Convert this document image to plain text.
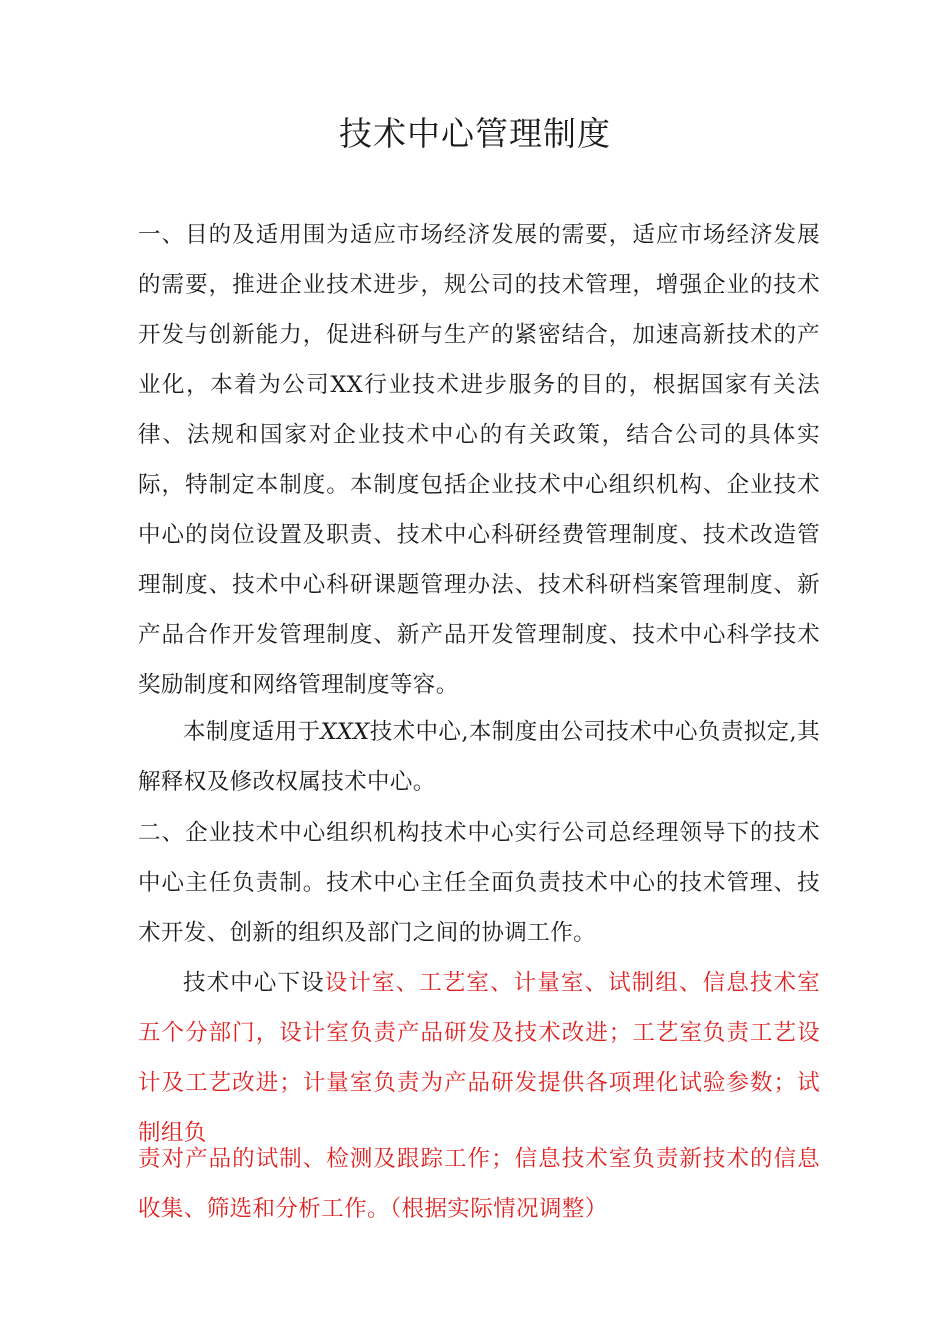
技术中心管理制度

一、目的及适用围为适应市场经济发展的需要，适应市场经济发展的需要，推进企业技术进步，规公司的技术管理，增强企业的技术开发与创新能力，促进科研与生产的紧密结合，加速高新技术的产业化，本着为公司XX行业技术进步服务的目的，根据国家有关法律、法规和国家对企业技术中心的有关政策，结合公司的具体实际，特制定本制度。本制度包括企业技术中心组织机构、企业技术中心的岗位设置及职责、技术中心科研经费管理制度、技术改造管理制度、技术中心科研课题管理办法、技术科研档案管理制度、新产品合作开发管理制度、新产品开发管理制度、技术中心科学技术奖励制度和网络管理制度等容。

本制度适用于XXX技术中心,本制度由公司技术中心负责拟定,其解释权及修改权属技术中心。

二、企业技术中心组织机构技术中心实行公司总经理领导下的技术中心主任负责制。技术中心主任全面负责技术中心的技术管理、技术开发、创新的组织及部门之间的协调工作。

技术中心下设设计室、工艺室、计量室、试制组、信息技术室五个分部门，设计室负责产品研发及技术改进；工艺室负责工艺设计及工艺改进；计量室负责为产品研发提供各项理化试验参数；试制组负

责对产品的试制、检测及跟踪工作；信息技术室负责新技术的信息收集、筛选和分析工作。（根据实际情况调整）
